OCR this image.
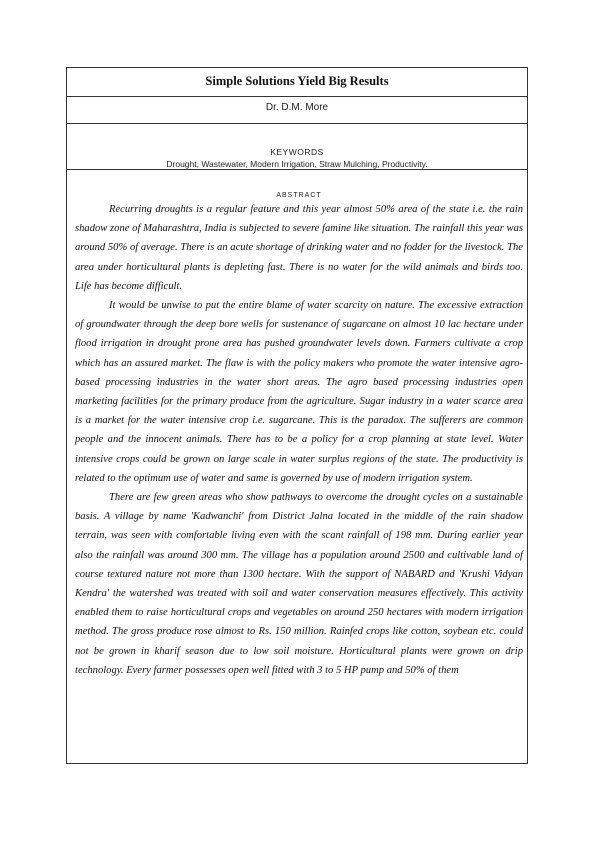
Simple Solutions Yield Big Results
Dr. D.M. More
KEYWORDS
Drought, Wastewater, Modern Irrigation, Straw Mulching, Productivity.
ABSTRACT

Recurring droughts is a regular feature and this year almost 50% area of the state i.e. the rain shadow zone of Maharashtra, India is subjected to severe famine like situation. The rainfall this year was around 50% of average. There is an acute shortage of drinking water and no fodder for the livestock. The area under horticultural plants is depleting fast. There is no water for the wild animals and birds too. Life has become difficult.

It would be unwise to put the entire blame of water scarcity on nature. The excessive extraction of groundwater through the deep bore wells for sustenance of sugarcane on almost 10 lac hectare under flood irrigation in drought prone area has pushed groundwater levels down. Farmers cultivate a crop which has an assured market. The flaw is with the policy makers who promote the water intensive agro-based processing industries in the water short areas. The agro based processing industries open marketing facilities for the primary produce from the agriculture. Sugar industry in a water scarce area is a market for the water intensive crop i.e. sugarcane. This is the paradox. The sufferers are common people and the innocent animals. There has to be a policy for a crop planning at state level. Water intensive crops could be grown on large scale in water surplus regions of the state. The productivity is related to the optimum use of water and same is governed by use of modern irrigation system.

There are few green areas who show pathways to overcome the drought cycles on a sustainable basis. A village by name 'Kadwanchi' from District Jalna located in the middle of the rain shadow terrain, was seen with comfortable living even with the scant rainfall of 198 mm. During earlier year also the rainfall was around 300 mm. The village has a population around 2500 and cultivable land of course textured nature not more than 1300 hectare. With the support of NABARD and 'Krushi Vidyan Kendra' the watershed was treated with soil and water conservation measures effectively. This activity enabled them to raise horticultural crops and vegetables on around 250 hectares with modern irrigation method. The gross produce rose almost to Rs. 150 million. Rainfed crops like cotton, soybean etc. could not be grown in kharif season due to low soil moisture. Horticultural plants were grown on drip technology. Every farmer possesses open well fitted with 3 to 5 HP pump and 50% of them
